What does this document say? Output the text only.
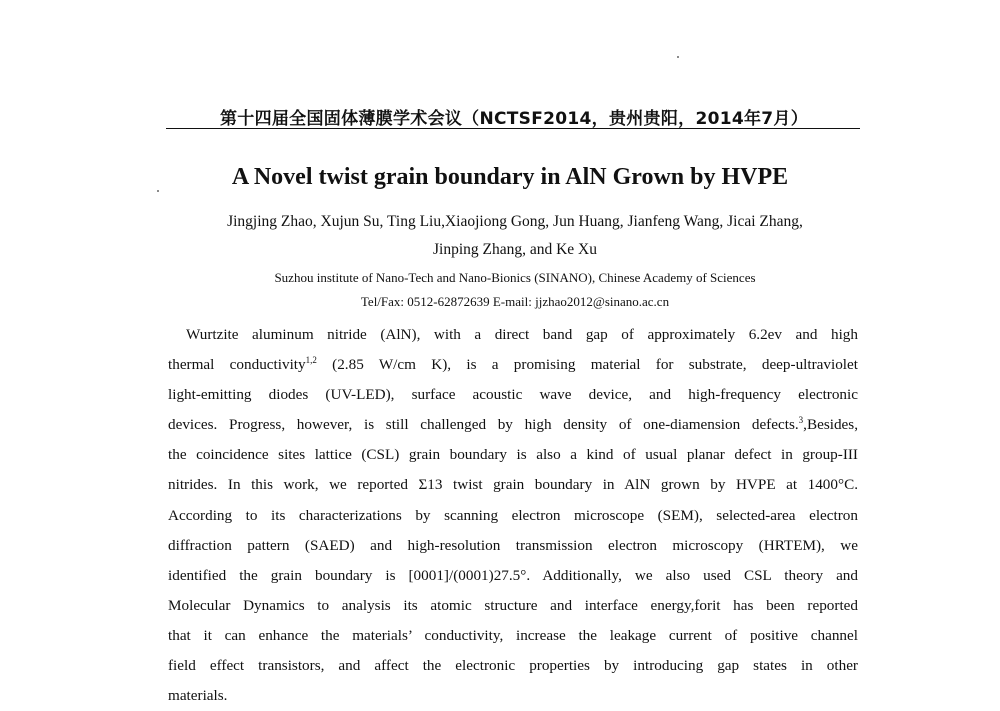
第十四届全国固体薄膜学术会议（NCTSF2014，贵州贵阳，2014年7月）
A Novel twist grain boundary in AlN Grown by HVPE
Jingjing Zhao, Xujun Su, Ting Liu,Xiaojiong Gong, Jun Huang, Jianfeng Wang, Jicai Zhang,
Jinping Zhang, and Ke Xu
Suzhou institute of Nano-Tech and Nano-Bionics (SINANO), Chinese Academy of Sciences
Tel/Fax: 0512-62872639 E-mail: jjzhao2012@sinano.ac.cn
Wurtzite aluminum nitride (AlN), with a direct band gap of approximately 6.2ev and high
thermal conductivity$^{1,2}$ (2.85 W/cm K), is a promising material for substrate, deep-ultraviolet
light-emitting diodes (UV-LED), surface acoustic wave device, and high-frequency electronic
devices. Progress, however, is still challenged by high density of one-diamension defects.$^3$,Besides,
the coincidence sites lattice (CSL) grain boundary is also a kind of usual planar defect in group-III
nitrides. In this work, we reported Σ13 twist grain boundary in AlN grown by HVPE at 1400°C.
According to its characterizations by scanning electron microscope (SEM), selected-area electron
diffraction pattern (SAED) and high-resolution transmission electron microscopy (HRTEM), we
identified the grain boundary is [0001]/(0001)27.5°. Additionally, we also used CSL theory and
Molecular Dynamics to analysis its atomic structure and interface energy,forit has been reported
that it can enhance the materials’ conductivity, increase the leakage current of positive channel
field effect transistors, and affect the electronic properties by introducing gap states in other
materials.
